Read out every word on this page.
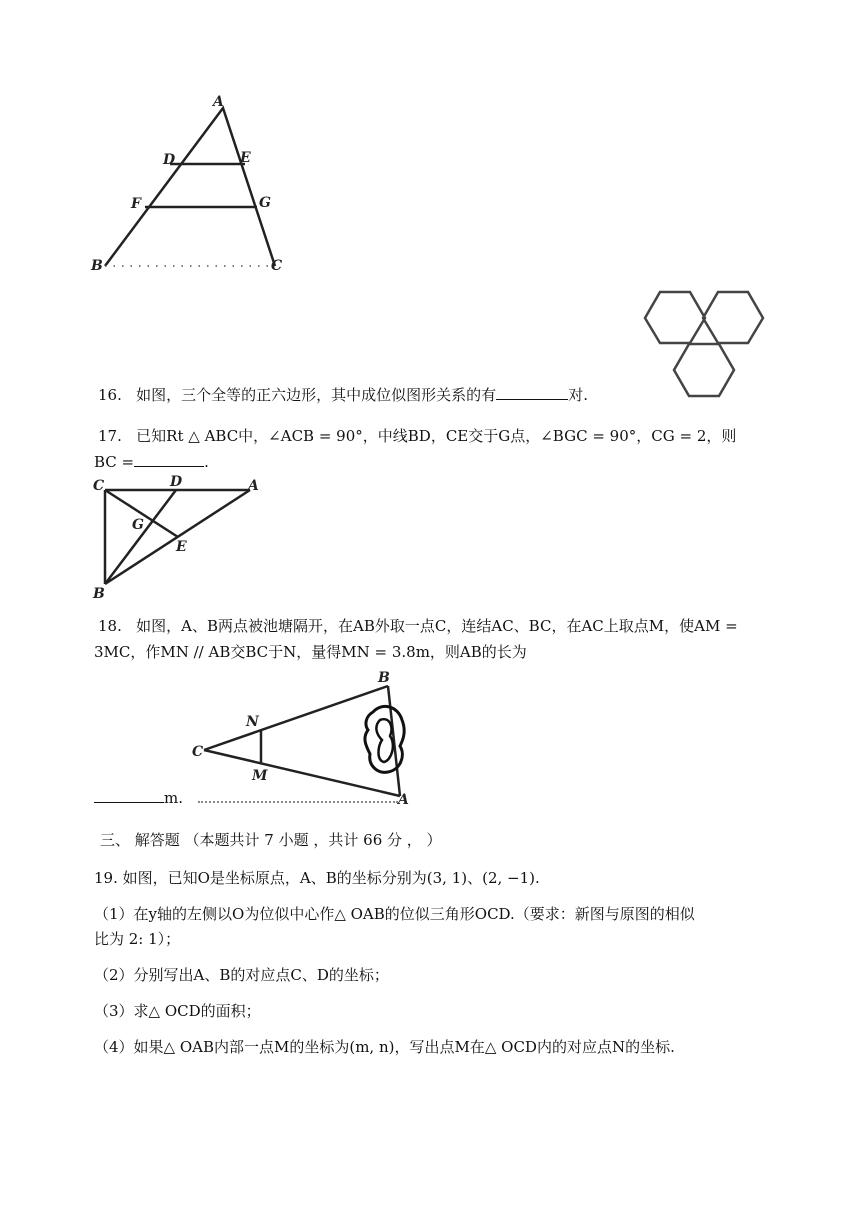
A
D	E
F	G
B	C
16. 如图，三个全等的正六边形，其中成位似图形关系的有	对.
17. 已知Rt △ ABC中，∠ACB = 90°，中线BD，CE交于G点，∠BGC = 90°，CG = 2，则
BC =	.
C	D	A
G
E
B
18. 如图，A、B两点被池塘隔开，在AB外取一点C，连结AC、BC，在AC上取点M，使AM =
3MC，作MN // AB交BC于N，量得MN = 3.8m，则AB的长为
B
N
C
M
A
m.
三、 解答题 （本题共计 7 小题 ，共计 66 分 ， ）
19. 如图，已知O是坐标原点，A、B的坐标分别为(3, 1)、(2, −1).
（1）在y轴的左侧以O为位似中心作△ OAB的位似三角形OCD.（要求：新图与原图的相似
比为 2: 1）；
（2）分别写出A、B的对应点C、D的坐标；
（3）求△ OCD的面积；
（4）如果△ OAB内部一点M的坐标为(m, n)，写出点M在△ OCD内的对应点N的坐标.
